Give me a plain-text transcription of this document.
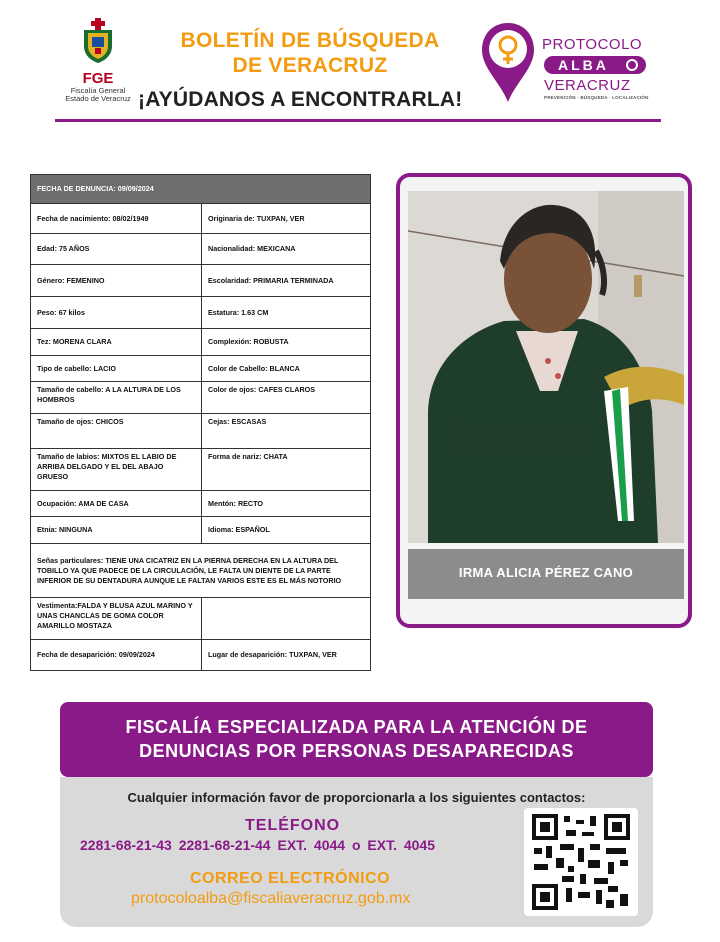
FGE
Fiscalía General Estado de Veracruz
BOLETÍN DE BÚSQUEDA
DE VERACRUZ
¡AYÚDANOS A ENCONTRARLA!
PROTOCOLO
ALBA
VERACRUZ
PREVENCIÓN · BÚSQUEDA · LOCALIZACIÓN
FECHA DE DENUNCIA: 09/09/2024	
Fecha de nacimiento: 08/02/1949	Originaria de: TUXPAN, VER
Edad: 75 AÑOS	Nacionalidad: MEXICANA
Género: FEMENINO	Escolaridad: PRIMARIA TERMINADA
Peso: 67 kilos	Estatura: 1.63 CM
Tez: MORENA CLARA	Complexión: ROBUSTA
Tipo de cabello: LACIO	Color de Cabello: BLANCA
Tamaño de cabello: A LA ALTURA DE LOS HOMBROS	Color de ojos: CAFES CLAROS
Tamaño de ojos: CHICOS	Cejas: ESCASAS
Tamaño de labios: MIXTOS EL LABIO DE ARRIBA DELGADO Y EL DEL ABAJO GRUESO	Forma de nariz: CHATA
Ocupación: AMA DE CASA	Mentón: RECTO
Etnia: NINGUNA	Idioma: ESPAÑOL
Señas particulares: TIENE UNA CICATRIZ EN LA PIERNA DERECHA EN LA ALTURA DEL TOBILLO YA QUE PADECE DE LA CIRCULACIÓN, LE FALTA UN DIENTE DE LA PARTE INFERIOR DE SU DENTADURA AUNQUE LE FALTAN VARIOS ESTE ES EL MÁS NOTORIO	
Vestimenta:FALDA Y BLUSA AZUL MARINO Y UNAS CHANCLAS DE GOMA COLOR AMARILLO MOSTAZA	
Fecha de desaparición: 09/09/2024	Lugar de desaparición: TUXPAN, VER
IRMA ALICIA PÉREZ CANO
FISCALÍA ESPECIALIZADA PARA LA ATENCIÓN DE
DENUNCIAS POR PERSONAS DESAPARECIDAS
Cualquier información favor de proporcionarla a los siguientes contactos:
TELÉFONO
2281-68-21-43 2281-68-21-44 EXT. 4044 o EXT. 4045
CORREO ELECTRÓNICO
protocoloalba@fiscaliaveracruz.gob.mx
